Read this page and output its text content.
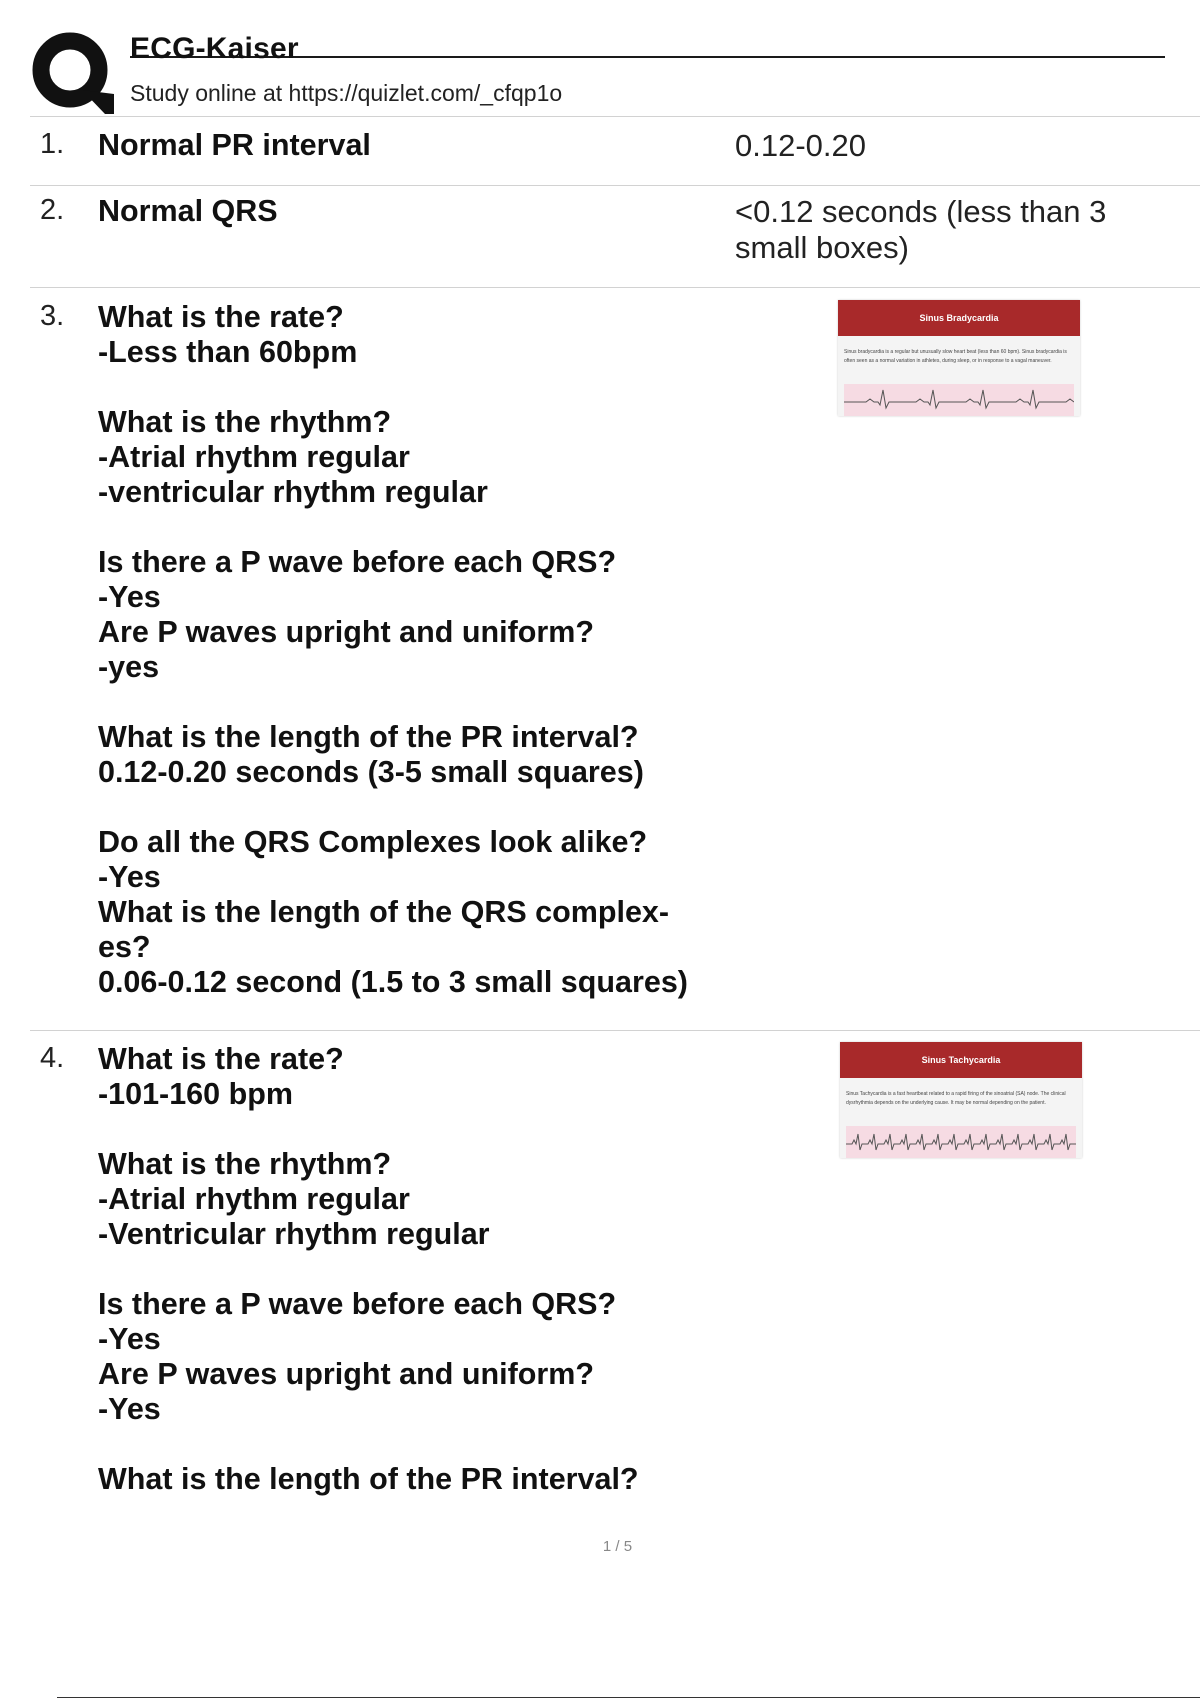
ECG-Kaiser
Study online at https://quizlet.com/_cfqp1o
1. Normal PR interval	0.12-0.20
2. Normal QRS	<0.12 seconds (less than 3 small boxes)
3. What is the rate?
-Less than 60bpm
What is the rhythm?
-Atrial rhythm regular
-ventricular rhythm regular
Is there a P wave before each QRS?
-Yes
Are P waves upright and uniform?
-yes
What is the length of the PR interval?
0.12-0.20 seconds (3-5 small squares)
Do all the QRS Complexes look alike?
-Yes
What is the length of the QRS complex-
es?
0.06-0.12 second (1.5 to 3 small squares)
Sinus Bradycardia
Sinus bradycardia is a regular but unusually slow heart beat (less than 60 bpm). Sinus bradycardia is often seen as a normal variation in athletes, during sleep, or in response to a vagal maneuver.
4. What is the rate?
-101-160 bpm
What is the rhythm?
-Atrial rhythm regular
-Ventricular rhythm regular
Is there a P wave before each QRS?
-Yes
Are P waves upright and uniform?
-Yes
What is the length of the PR interval?
Sinus Tachycardia
Sinus Tachycardia is a fast heartbeat related to a rapid firing of the sinoatrial (SA) node. The clinical dysrhythmia depends on the underlying cause. It may be normal depending on the patient.
1 / 5
